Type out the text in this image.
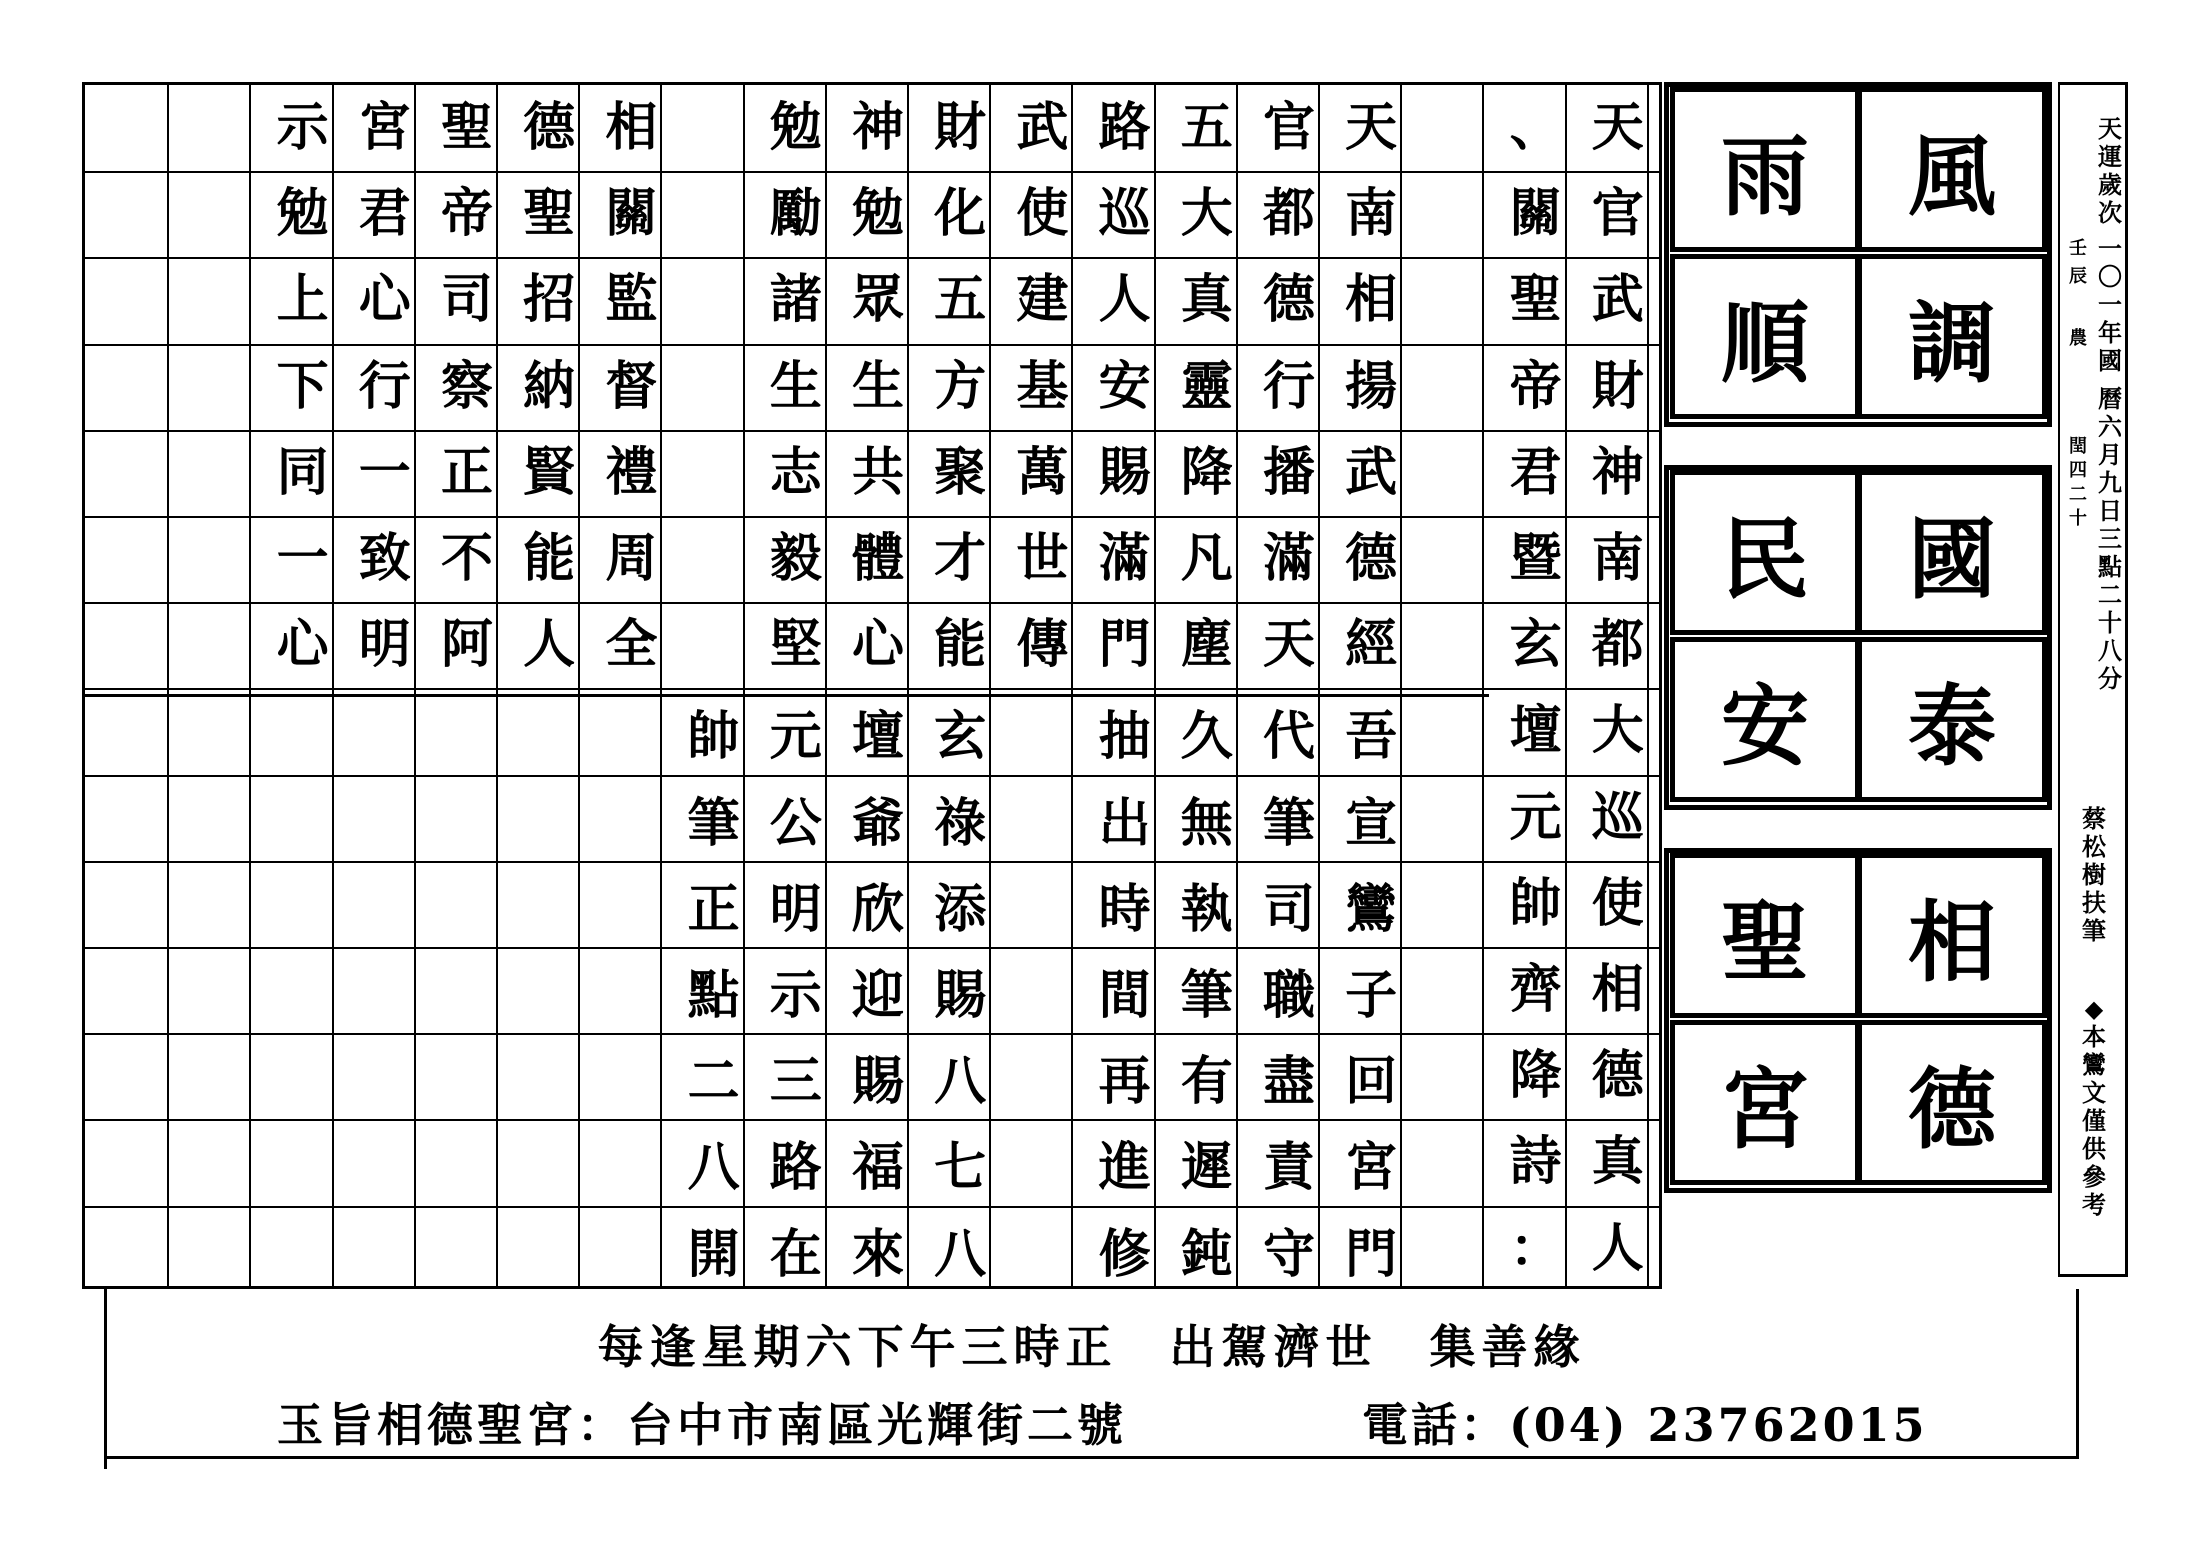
天
官
武
財
神
南
都
大
巡
使
相
德
真
人
、
關
聖
帝
君
暨
玄
壇
元
帥
齊
降
詩
：
天
南
相
揚
武
德
經
官
都
德
行
播
滿
天
五
大
真
靈
降
凡
塵
路
巡
人
安
賜
滿
門
武
使
建
基
萬
世
傳
財
化
五
方
聚
才
能
神
勉
眾
生
共
體
心
勉
勵
諸
生
志
毅
堅
相
關
監
督
禮
周
全
德
聖
招
納
賢
能
人
聖
帝
司
察
正
不
阿
宮
君
心
行
一
致
明
示
勉
上
下
同
一
心
吾
宣
鸞
子
回
宮
門
代
筆
司
職
盡
責
守
久
無
執
筆
有
遲
鈍
抽
出
時
間
再
進
修
玄
祿
添
賜
八
七
八
壇
爺
欣
迎
賜
福
來
元
公
明
示
三
路
在
帥
筆
正
點
二
八
開
每逢星期六下午三時正　出駕濟世　集善緣
玉旨相德聖宮：台中市南區光輝街二號	電話：(04) 23762015
風
調
雨
順
國
泰
民
安
相
德
聖
宮
天運歲次
壬 辰
一〇一年國
農
曆六月九日三點二十八分
閏四 二十
蔡松樹 扶筆
◆本鸞文僅供參考
